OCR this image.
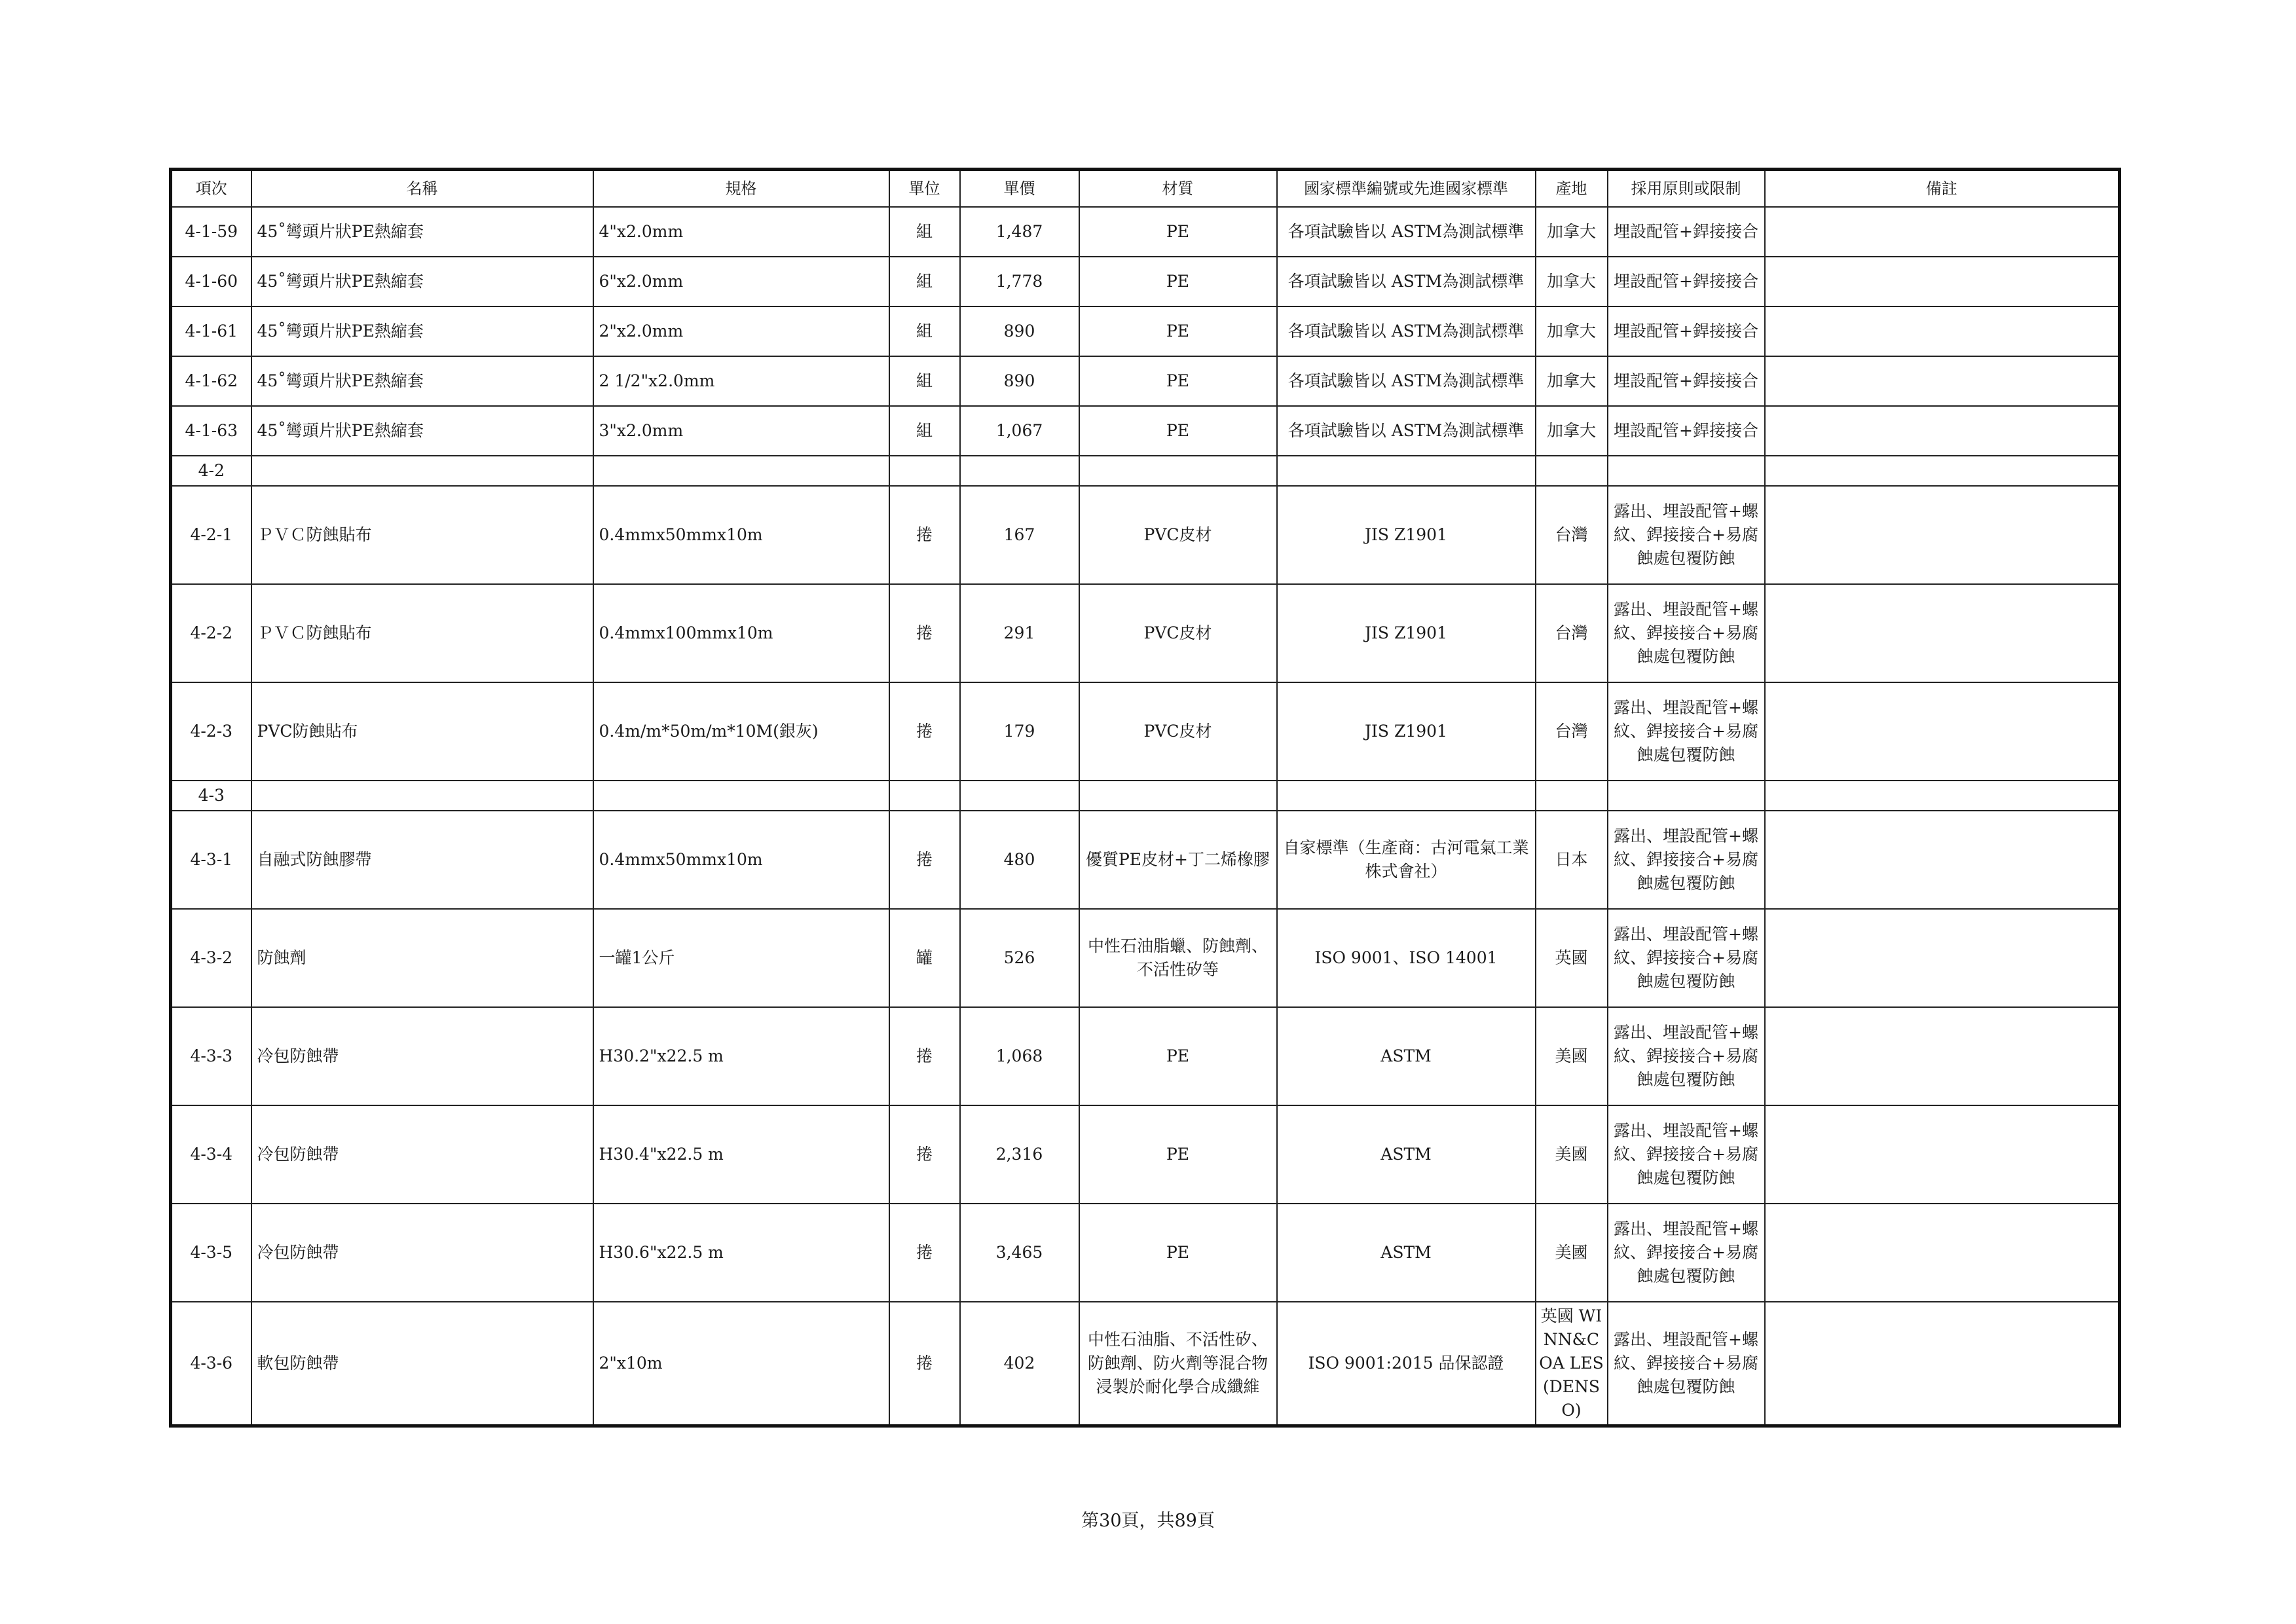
項次	名稱	規格	單位	單價	材質	國家標準編號或先進國家標準	產地	採用原則或限制	備註
4-1-59	45˚彎頭片狀PE熱縮套	4"x2.0mm	組	1,487	PE	各項試驗皆以 ASTM為測試標準	加拿大	埋設配管+銲接接合	
4-1-60	45˚彎頭片狀PE熱縮套	6"x2.0mm	組	1,778	PE	各項試驗皆以 ASTM為測試標準	加拿大	埋設配管+銲接接合	
4-1-61	45˚彎頭片狀PE熱縮套	2"x2.0mm	組	890	PE	各項試驗皆以 ASTM為測試標準	加拿大	埋設配管+銲接接合	
4-1-62	45˚彎頭片狀PE熱縮套	2 1/2"x2.0mm	組	890	PE	各項試驗皆以 ASTM為測試標準	加拿大	埋設配管+銲接接合	
4-1-63	45˚彎頭片狀PE熱縮套	3"x2.0mm	組	1,067	PE	各項試驗皆以 ASTM為測試標準	加拿大	埋設配管+銲接接合	
4-2									
4-2-1	ＰＶＣ防蝕貼布	0.4mmx50mmx10m	捲	167	PVC皮材	JIS Z1901	台灣	露出、埋設配管+螺紋、銲接接合+易腐蝕處包覆防蝕	
4-2-2	ＰＶＣ防蝕貼布	0.4mmx100mmx10m	捲	291	PVC皮材	JIS Z1901	台灣	露出、埋設配管+螺紋、銲接接合+易腐蝕處包覆防蝕	
4-2-3	PVC防蝕貼布	0.4m/m*50m/m*10M(銀灰)	捲	179	PVC皮材	JIS Z1901	台灣	露出、埋設配管+螺紋、銲接接合+易腐蝕處包覆防蝕	
4-3									
4-3-1	自融式防蝕膠帶	0.4mmx50mmx10m	捲	480	優質PE皮材+丁二烯橡膠	自家標準（生產商：古河電氣工業株式會社）	日本	露出、埋設配管+螺紋、銲接接合+易腐蝕處包覆防蝕	
4-3-2	防蝕劑	一罐1公斤	罐	526	中性石油脂蠟、防蝕劑、不活性矽等	ISO 9001、ISO 14001	英國	露出、埋設配管+螺紋、銲接接合+易腐蝕處包覆防蝕	
4-3-3	冷包防蝕帶	H30.2"x22.5 m	捲	1,068	PE	ASTM	美國	露出、埋設配管+螺紋、銲接接合+易腐蝕處包覆防蝕	
4-3-4	冷包防蝕帶	H30.4"x22.5 m	捲	2,316	PE	ASTM	美國	露出、埋設配管+螺紋、銲接接合+易腐蝕處包覆防蝕	
4-3-5	冷包防蝕帶	H30.6"x22.5 m	捲	3,465	PE	ASTM	美國	露出、埋設配管+螺紋、銲接接合+易腐蝕處包覆防蝕	
4-3-6	軟包防蝕帶	2"x10m	捲	402	中性石油脂、不活性矽、防蝕劑、防火劑等混合物浸製於耐化學合成纖維	ISO 9001:2015 品保認證	英國 WINN&COA LES (DENSO)	露出、埋設配管+螺紋、銲接接合+易腐蝕處包覆防蝕	
第30頁，共89頁
